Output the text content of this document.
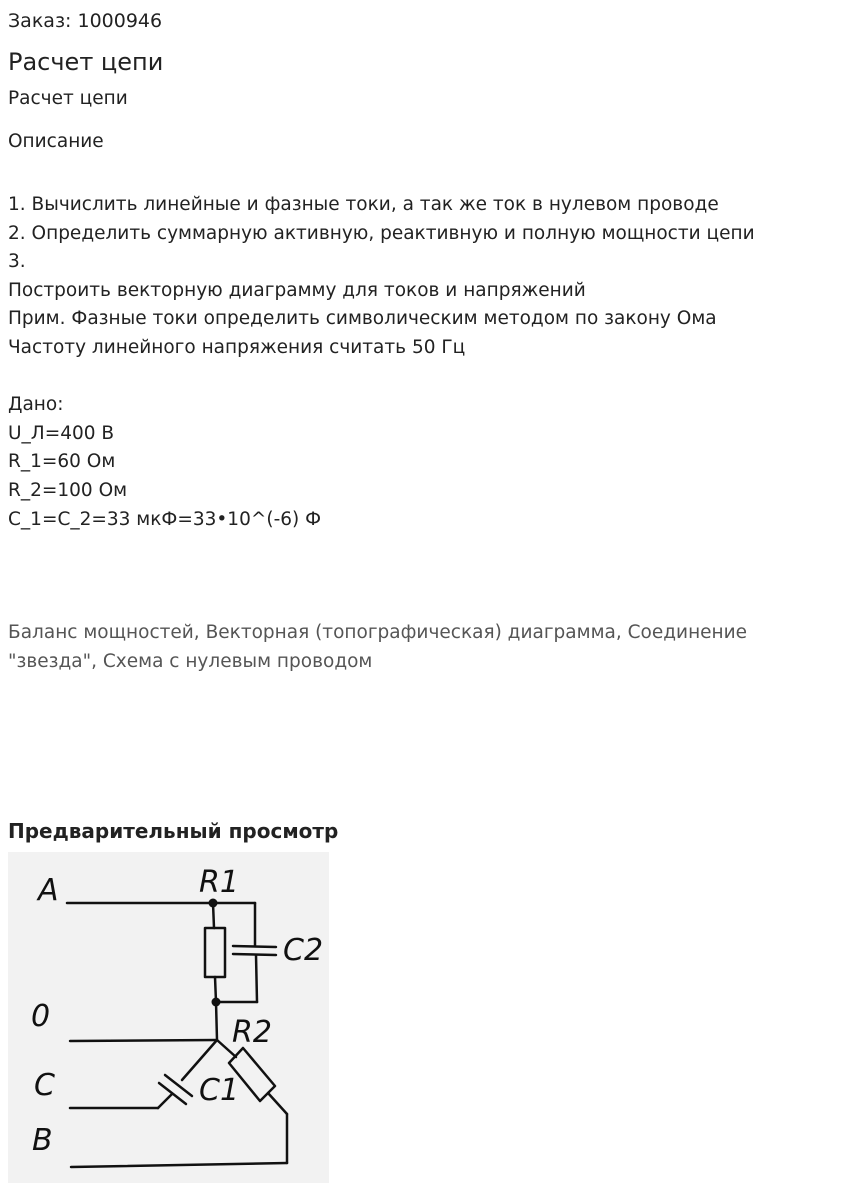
Заказ: 1000946
Расчет цепи
Расчет цепи
Описание
1. Вычислить линейные и фазные токи, а так же ток в нулевом проводе
2. Определить суммарную активную, реактивную и полную мощности цепи
3.
Построить векторную диаграмму для токов и напряжений
Прим. Фазные токи определить символическим методом по закону Ома
Частоту линейного напряжения считать 50 Гц
Дано:
U_Л=400 В
R_1=60 Ом
R_2=100 Ом
C_1=C_2=33 мкФ=33•10^(-6) Ф
Баланс мощностей, Векторная (топографическая) диаграмма, Соединение "звезда", Схема с нулевым проводом
Предварительный просмотр
A
0
C
B
R1
C2
R2
C1
